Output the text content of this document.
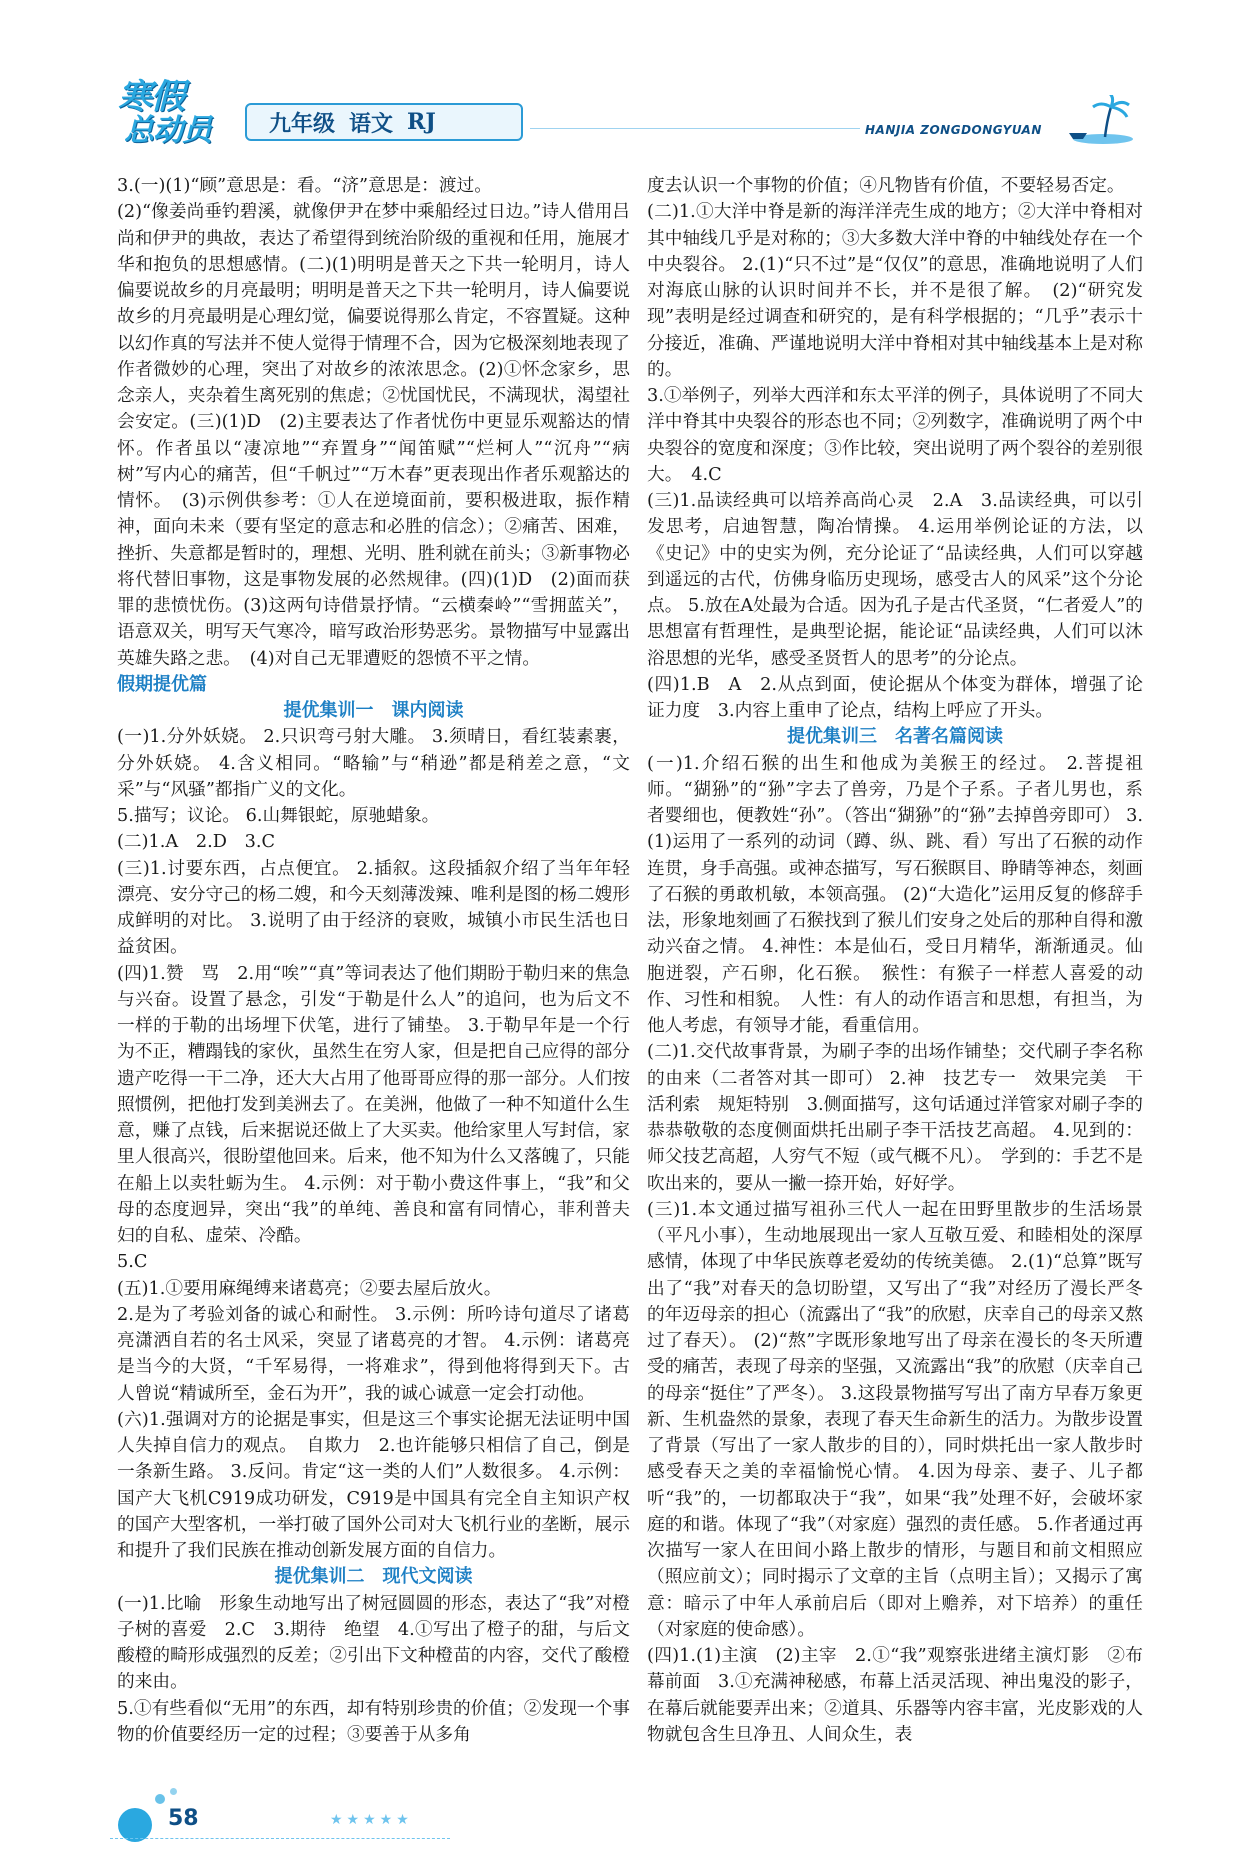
寒假
总动员	九年级 语文 RJ	HANJIA ZONGDONGYUAN

3.(一)(1)“顾”意思是：看。“济”意思是：渡过。

(2)“像姜尚垂钓碧溪，就像伊尹在梦中乘船经过日边。”诗人借用吕尚和伊尹的典故，表达了希望得到统治阶级的重视和任用，施展才华和抱负的思想感情。(二)(1)明明是普天之下共一轮明月，诗人偏要说故乡的月亮最明；明明是普天之下共一轮明月，诗人偏要说故乡的月亮最明是心理幻觉，偏要说得那么肯定，不容置疑。这种以幻作真的写法并不使人觉得于情理不合，因为它极深刻地表现了作者微妙的心理，突出了对故乡的浓浓思念。(2)①怀念家乡，思念亲人，夹杂着生离死别的焦虑；②忧国忧民，不满现状，渴望社会安定。(三)(1)D　(2)主要表达了作者忧伤中更显乐观豁达的情怀。作者虽以“凄凉地”“弃置身”“闻笛赋”“烂柯人”“沉舟”“病树”写内心的痛苦，但“千帆过”“万木春”更表现出作者乐观豁达的情怀。　(3)示例供参考：①人在逆境面前，要积极进取，振作精神，面向未来（要有坚定的意志和必胜的信念）；②痛苦、困难，挫折、失意都是暂时的，理想、光明、胜利就在前头；③新事物必将代替旧事物，这是事物发展的必然规律。(四)(1)D　(2)面而获罪的悲愤忧伤。(3)这两句诗借景抒情。“云横秦岭”“雪拥蓝关”，语意双关，明写天气寒冷，暗写政治形势恶劣。景物描写中显露出英雄失路之悲。　(4)对自己无罪遭贬的怨愤不平之情。

假期提优篇

提优集训一　课内阅读

(一)1.分外妖娆。 2.只识弯弓射大雕。 3.须晴日，看红装素裹，分外妖娆。 4.含义相同。“略输”与“稍逊”都是稍差之意，“文采”与“风骚”都指广义的文化。

5.描写；议论。 6.山舞银蛇，原驰蜡象。

(二)1.A　2.D　3.C

(三)1.讨要东西，占点便宜。 2.插叙。这段插叙介绍了当年年轻漂亮、安分守己的杨二嫂，和今天刻薄泼辣、唯利是图的杨二嫂形成鲜明的对比。 3.说明了由于经济的衰败，城镇小市民生活也日益贫困。

(四)1.赞　骂　2.用“唉”“真”等词表达了他们期盼于勒归来的焦急与兴奋。设置了悬念，引发“于勒是什么人”的追问，也为后文不一样的于勒的出场埋下伏笔，进行了铺垫。 3.于勒早年是一个行为不正，糟蹋钱的家伙，虽然生在穷人家，但是把自己应得的部分遗产吃得一干二净，还大大占用了他哥哥应得的那一部分。人们按照惯例，把他打发到美洲去了。在美洲，他做了一种不知道什么生意，赚了点钱，后来据说还做上了大买卖。他给家里人写封信，家里人很高兴，很盼望他回来。后来，他不知为什么又落魄了，只能在船上以卖牡蛎为生。 4.示例：对于勒小费这件事上，“我”和父母的态度迥异，突出“我”的单纯、善良和富有同情心，菲利普夫妇的自私、虚荣、冷酷。

5.C

(五)1.①要用麻绳缚来诸葛亮；②要去屋后放火。

2.是为了考验刘备的诚心和耐性。 3.示例：所吟诗句道尽了诸葛亮潇洒自若的名士风采，突显了诸葛亮的才智。 4.示例：诸葛亮是当今的大贤，“千军易得，一将难求”，得到他将得到天下。古人曾说“精诚所至，金石为开”，我的诚心诚意一定会打动他。

(六)1.强调对方的论据是事实，但是这三个事实论据无法证明中国人失掉自信力的观点。　自欺力　2.也许能够只相信了自己，倒是一条新生路。 3.反问。肯定“这一类的人们”人数很多。 4.示例：国产大飞机C919成功研发，C919是中国具有完全自主知识产权的国产大型客机，一举打破了国外公司对大飞机行业的垄断，展示和提升了我们民族在推动创新发展方面的自信力。

提优集训二　现代文阅读

(一)1.比喻　形象生动地写出了树冠圆圆的形态，表达了“我”对橙子树的喜爱　2.C　3.期待　绝望　4.①写出了橙子的甜，与后文酸橙的畸形成强烈的反差；②引出下文种橙苗的内容，交代了酸橙的来由。

5.①有些看似“无用”的东西，却有特别珍贵的价值；②发现一个事物的价值要经历一定的过程；③要善于从多角

度去认识一个事物的价值；④凡物皆有价值，不要轻易否定。

(二)1.①大洋中脊是新的海洋洋壳生成的地方；②大洋中脊相对其中轴线几乎是对称的；③大多数大洋中脊的中轴线处存在一个中央裂谷。 2.(1)“只不过”是“仅仅”的意思，准确地说明了人们对海底山脉的认识时间并不长，并不是很了解。　(2)“研究发现”表明是经过调查和研究的，是有科学根据的；“几乎”表示十分接近，准确、严谨地说明大洋中脊相对其中轴线基本上是对称的。

3.①举例子，列举大西洋和东太平洋的例子，具体说明了不同大洋中脊其中央裂谷的形态也不同；②列数字，准确说明了两个中央裂谷的宽度和深度；③作比较，突出说明了两个裂谷的差别很大。　4.C

(三)1.品读经典可以培养高尚心灵　2.A　3.品读经典，可以引发思考，启迪智慧，陶冶情操。 4.运用举例论证的方法，以《史记》中的史实为例，充分论证了“品读经典，人们可以穿越到遥远的古代，仿佛身临历史现场，感受古人的风采”这个分论点。 5.放在A处最为合适。因为孔子是古代圣贤，“仁者爱人”的思想富有哲理性，是典型论据，能论证“品读经典，人们可以沐浴思想的光华，感受圣贤哲人的思考”的分论点。

(四)1.B　A　2.从点到面，使论据从个体变为群体，增强了论证力度　3.内容上重申了论点，结构上呼应了开头。

提优集训三　名著名篇阅读

(一)1.介绍石猴的出生和他成为美猴王的经过。 2.菩提祖师。“猢狲”的“狲”字去了兽旁，乃是个子系。子者儿男也，系者婴细也，便教姓“孙”。（答出“猢狲”的“狲”去掉兽旁即可） 3.(1)运用了一系列的动词（蹲、纵、跳、看）写出了石猴的动作连贯，身手高强。或神态描写，写石猴瞑目、睁睛等神态，刻画了石猴的勇敢机敏，本领高强。 (2)“大造化”运用反复的修辞手法，形象地刻画了石猴找到了猴儿们安身之处后的那种自得和激动兴奋之情。 4.神性：本是仙石，受日月精华，渐渐通灵。仙胞迸裂，产石卵，化石猴。　猴性：有猴子一样惹人喜爱的动作、习性和相貌。　人性：有人的动作语言和思想，有担当，为他人考虑，有领导才能，看重信用。

(二)1.交代故事背景，为刷子李的出场作铺垫；交代刷子李名称的由来（二者答对其一即可） 2.神　技艺专一　效果完美　干活利索　规矩特别　3.侧面描写，这句话通过洋管家对刷子李的恭恭敬敬的态度侧面烘托出刷子李干活技艺高超。 4.见到的：师父技艺高超，人穷气不短（或气概不凡）。　学到的：手艺不是吹出来的，要从一撇一捺开始，好好学。

(三)1.本文通过描写祖孙三代人一起在田野里散步的生活场景（平凡小事），生动地展现出一家人互敬互爱、和睦相处的深厚感情，体现了中华民族尊老爱幼的传统美德。 2.(1)“总算”既写出了“我”对春天的急切盼望，又写出了“我”对经历了漫长严冬的年迈母亲的担心（流露出了“我”的欣慰，庆幸自己的母亲又熬过了春天）。 (2)“熬”字既形象地写出了母亲在漫长的冬天所遭受的痛苦，表现了母亲的坚强，又流露出“我”的欣慰（庆幸自己的母亲“挺住”了严冬）。 3.这段景物描写写出了南方早春万象更新、生机盎然的景象，表现了春天生命新生的活力。为散步设置了背景（写出了一家人散步的目的），同时烘托出一家人散步时感受春天之美的幸福愉悦心情。 4.因为母亲、妻子、儿子都听“我”的，一切都取决于“我”，如果“我”处理不好，会破坏家庭的和谐。体现了“我”（对家庭）强烈的责任感。 5.作者通过再次描写一家人在田间小路上散步的情形，与题目和前文相照应（照应前文）；同时揭示了文章的主旨（点明主旨）；又揭示了寓意：暗示了中年人承前启后（即对上赡养，对下培养）的重任（对家庭的使命感）。

(四)1.(1)主演　(2)主宰　2.①“我”观察张进绪主演灯影　②布幕前面　3.①充满神秘感，布幕上活灵活现、神出鬼没的影子，在幕后就能要弄出来；②道具、乐器等内容丰富，光皮影戏的人物就包含生旦净丑、人间众生，表

58	★★★★★
